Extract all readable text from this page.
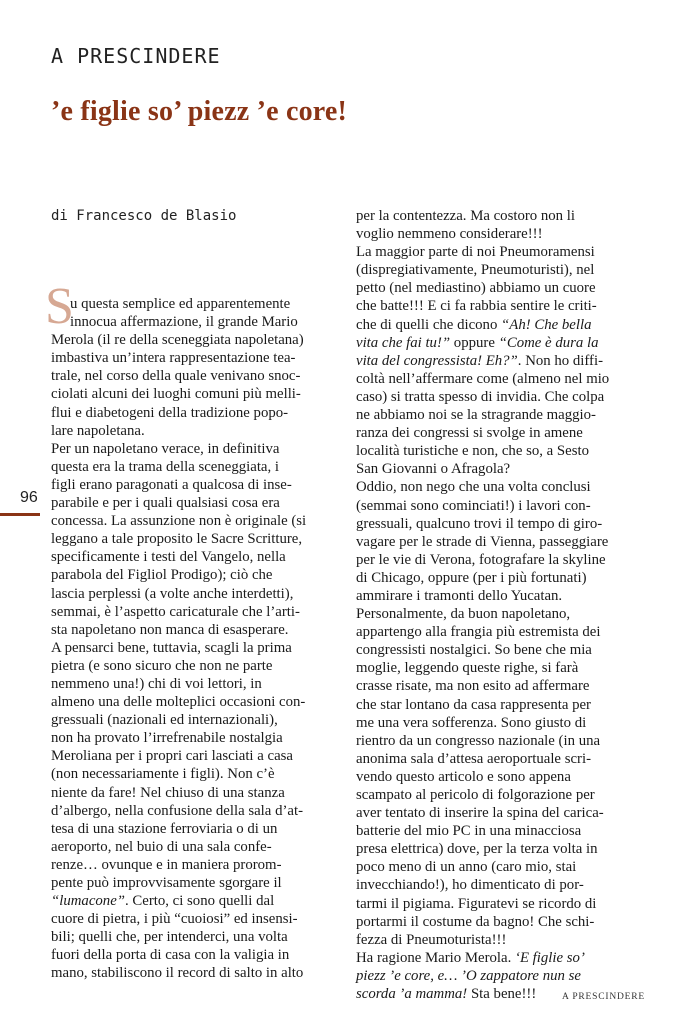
A PRESCINDERE
’e figlie so’ piezz ’e core!

di Francesco de Blasio

96
S
u questa semplice ed apparentemente
innocua affermazione, il grande Mario
Merola (il re della sceneggiata napoletana)
imbastiva un’intera rappresentazione tea-
trale, nel corso della quale venivano snoc-
ciolati alcuni dei luoghi comuni più melli-
flui e diabetogeni della tradizione popo-
lare napoletana.
Per un napoletano verace, in definitiva
questa era la trama della sceneggiata, i
figli erano paragonati a qualcosa di inse-
parabile e per i quali qualsiasi cosa era
concessa. La assunzione non è originale (si
leggano a tale proposito le Sacre Scritture,
specificamente i testi del Vangelo, nella
parabola del Figliol Prodigo); ciò che
lascia perplessi (a volte anche interdetti),
semmai, è l’aspetto caricaturale che l’arti-
sta napoletano non manca di esasperare.
A pensarci bene, tuttavia, scagli la prima
pietra (e sono sicuro che non ne parte
nemmeno una!) chi di voi lettori, in
almeno una delle molteplici occasioni con-
gressuali (nazionali ed internazionali),
non ha provato l’irrefrenabile nostalgia
Meroliana per i propri cari lasciati a casa
(non necessariamente i figli). Non c’è
niente da fare! Nel chiuso di una stanza
d’albergo, nella confusione della sala d’at-
tesa di una stazione ferroviaria o di un
aeroporto, nel buio di una sala confe-
renze… ovunque e in maniera prorom-
pente può improvvisamente sgorgare il
“lumacone”. Certo, ci sono quelli dal
cuore di pietra, i più “cuoiosi” ed insensi-
bili; quelli che, per intenderci, una volta
fuori della porta di casa con la valigia in
mano, stabiliscono il record di salto in alto
per la contentezza. Ma costoro non li
voglio nemmeno considerare!!!
La maggior parte di noi Pneumoramensi
(dispregiativamente, Pneumoturisti), nel
petto (nel mediastino) abbiamo un cuore
che batte!!! E ci fa rabbia sentire le criti-
che di quelli che dicono “Ah! Che bella
vita che fai tu!” oppure “Come è dura la
vita del congressista! Eh?”. Non ho diffi-
coltà nell’affermare come (almeno nel mio
caso) si tratta spesso di invidia. Che colpa
ne abbiamo noi se la stragrande maggio-
ranza dei congressi si svolge in amene
località turistiche e non, che so, a Sesto
San Giovanni o Afragola?
Oddio, non nego che una volta conclusi
(semmai sono cominciati!) i lavori con-
gressuali, qualcuno trovi il tempo di giro-
vagare per le strade di Vienna, passeggiare
per le vie di Verona, fotografare la skyline
di Chicago, oppure (per i più fortunati)
ammirare i tramonti dello Yucatan.
Personalmente, da buon napoletano,
appartengo alla frangia più estremista dei
congressisti nostalgici. So bene che mia
moglie, leggendo queste righe, si farà
crasse risate, ma non esito ad affermare
che star lontano da casa rappresenta per
me una vera sofferenza. Sono giusto di
rientro da un congresso nazionale (in una
anonima sala d’attesa aeroportuale scri-
vendo questo articolo e sono appena
scampato al pericolo di folgorazione per
aver tentato di inserire la spina del carica-
batterie del mio PC in una minacciosa
presa elettrica) dove, per la terza volta in
poco meno di un anno (caro mio, stai
invecchiando!), ho dimenticato di por-
tarmi il pigiama. Figuratevi se ricordo di
portarmi il costume da bagno! Che schi-
fezza di Pneumoturista!!!
Ha ragione Mario Merola. ‘E figlie so’
piezz ’e core, e… ’O zappatore nun se
scorda ’a mamma! Sta bene!!!	A PRESCINDERE
